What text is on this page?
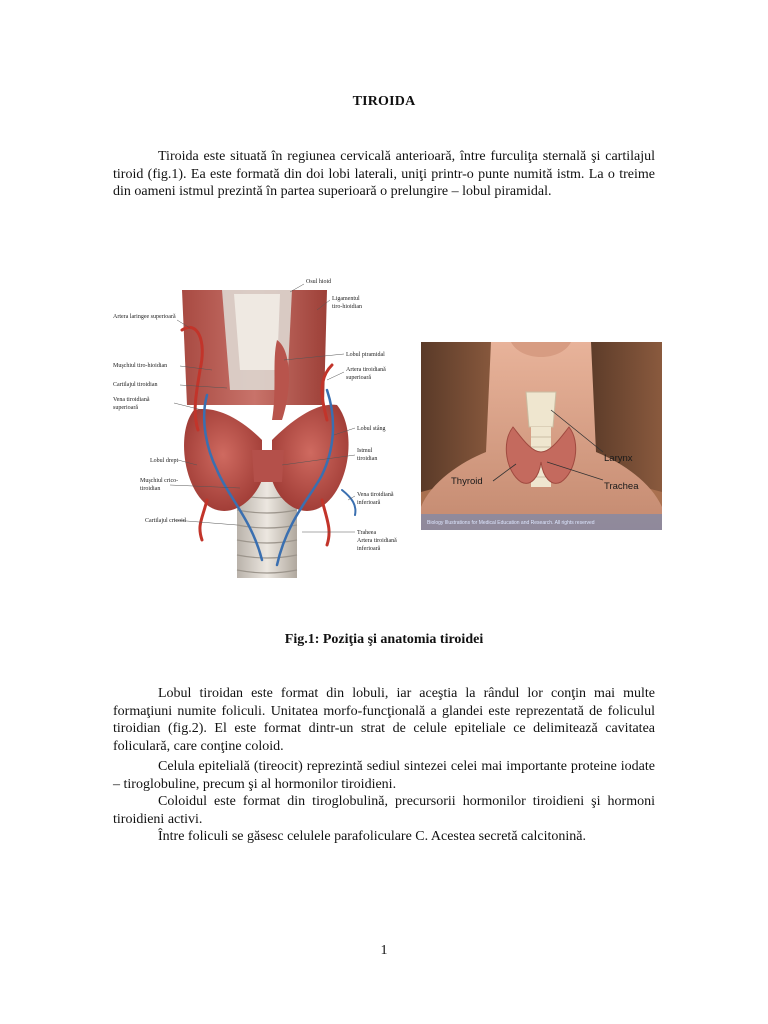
TIROIDA

Tiroida este situată în regiunea cervicală anterioară, între furculiţa sternală şi cartilajul tiroid (fig.1). Ea este formată din doi lobi laterali, uniţi printr-o punte numită istm. La o treime din oameni istmul prezintă în partea superioară o prelungire – lobul piramidal.

Osul hioid
Ligamentul
tiro-hioidian
Artera laringee superioară
Lobul piramidal
Artera tiroidiană
superioară
Muşchiul tiro-hioidian
Cartilajul tiroidian
Vena tiroidiană
superioară
Lobul stâng
Istmul
tiroidian
Lobul drept
Muşchiul crico-
tiroidian
Vena tiroidiană
inferioară
Cartilajul cricoid
Traheea
Artera tiroidiană
inferioară
Larynx
Trachea
Thyroid
Biology Illustrations for Medical Education and Research. All rights reserved
Fig.1: Poziţia şi anatomia tiroidei

Lobul tiroidan este format din lobuli, iar aceştia la rândul lor conţin mai multe formaţiuni numite foliculi. Unitatea morfo-funcţională a glandei este reprezentată de foliculul tiroidian (fig.2). El este format dintr-un strat de celule epiteliale ce delimitează cavitatea foliculară, care conţine coloid.

Celula epitelială (tireocit) reprezintă sediul sintezei celei mai importante proteine iodate – tiroglobuline, precum şi al hormonilor tiroidieni.

Coloidul este format din tiroglobulină, precursorii hormonilor tiroidieni şi hormoni tiroidieni activi.

Între foliculi se găsesc celulele parafoliculare C. Acestea secretă calcitonină.

1
